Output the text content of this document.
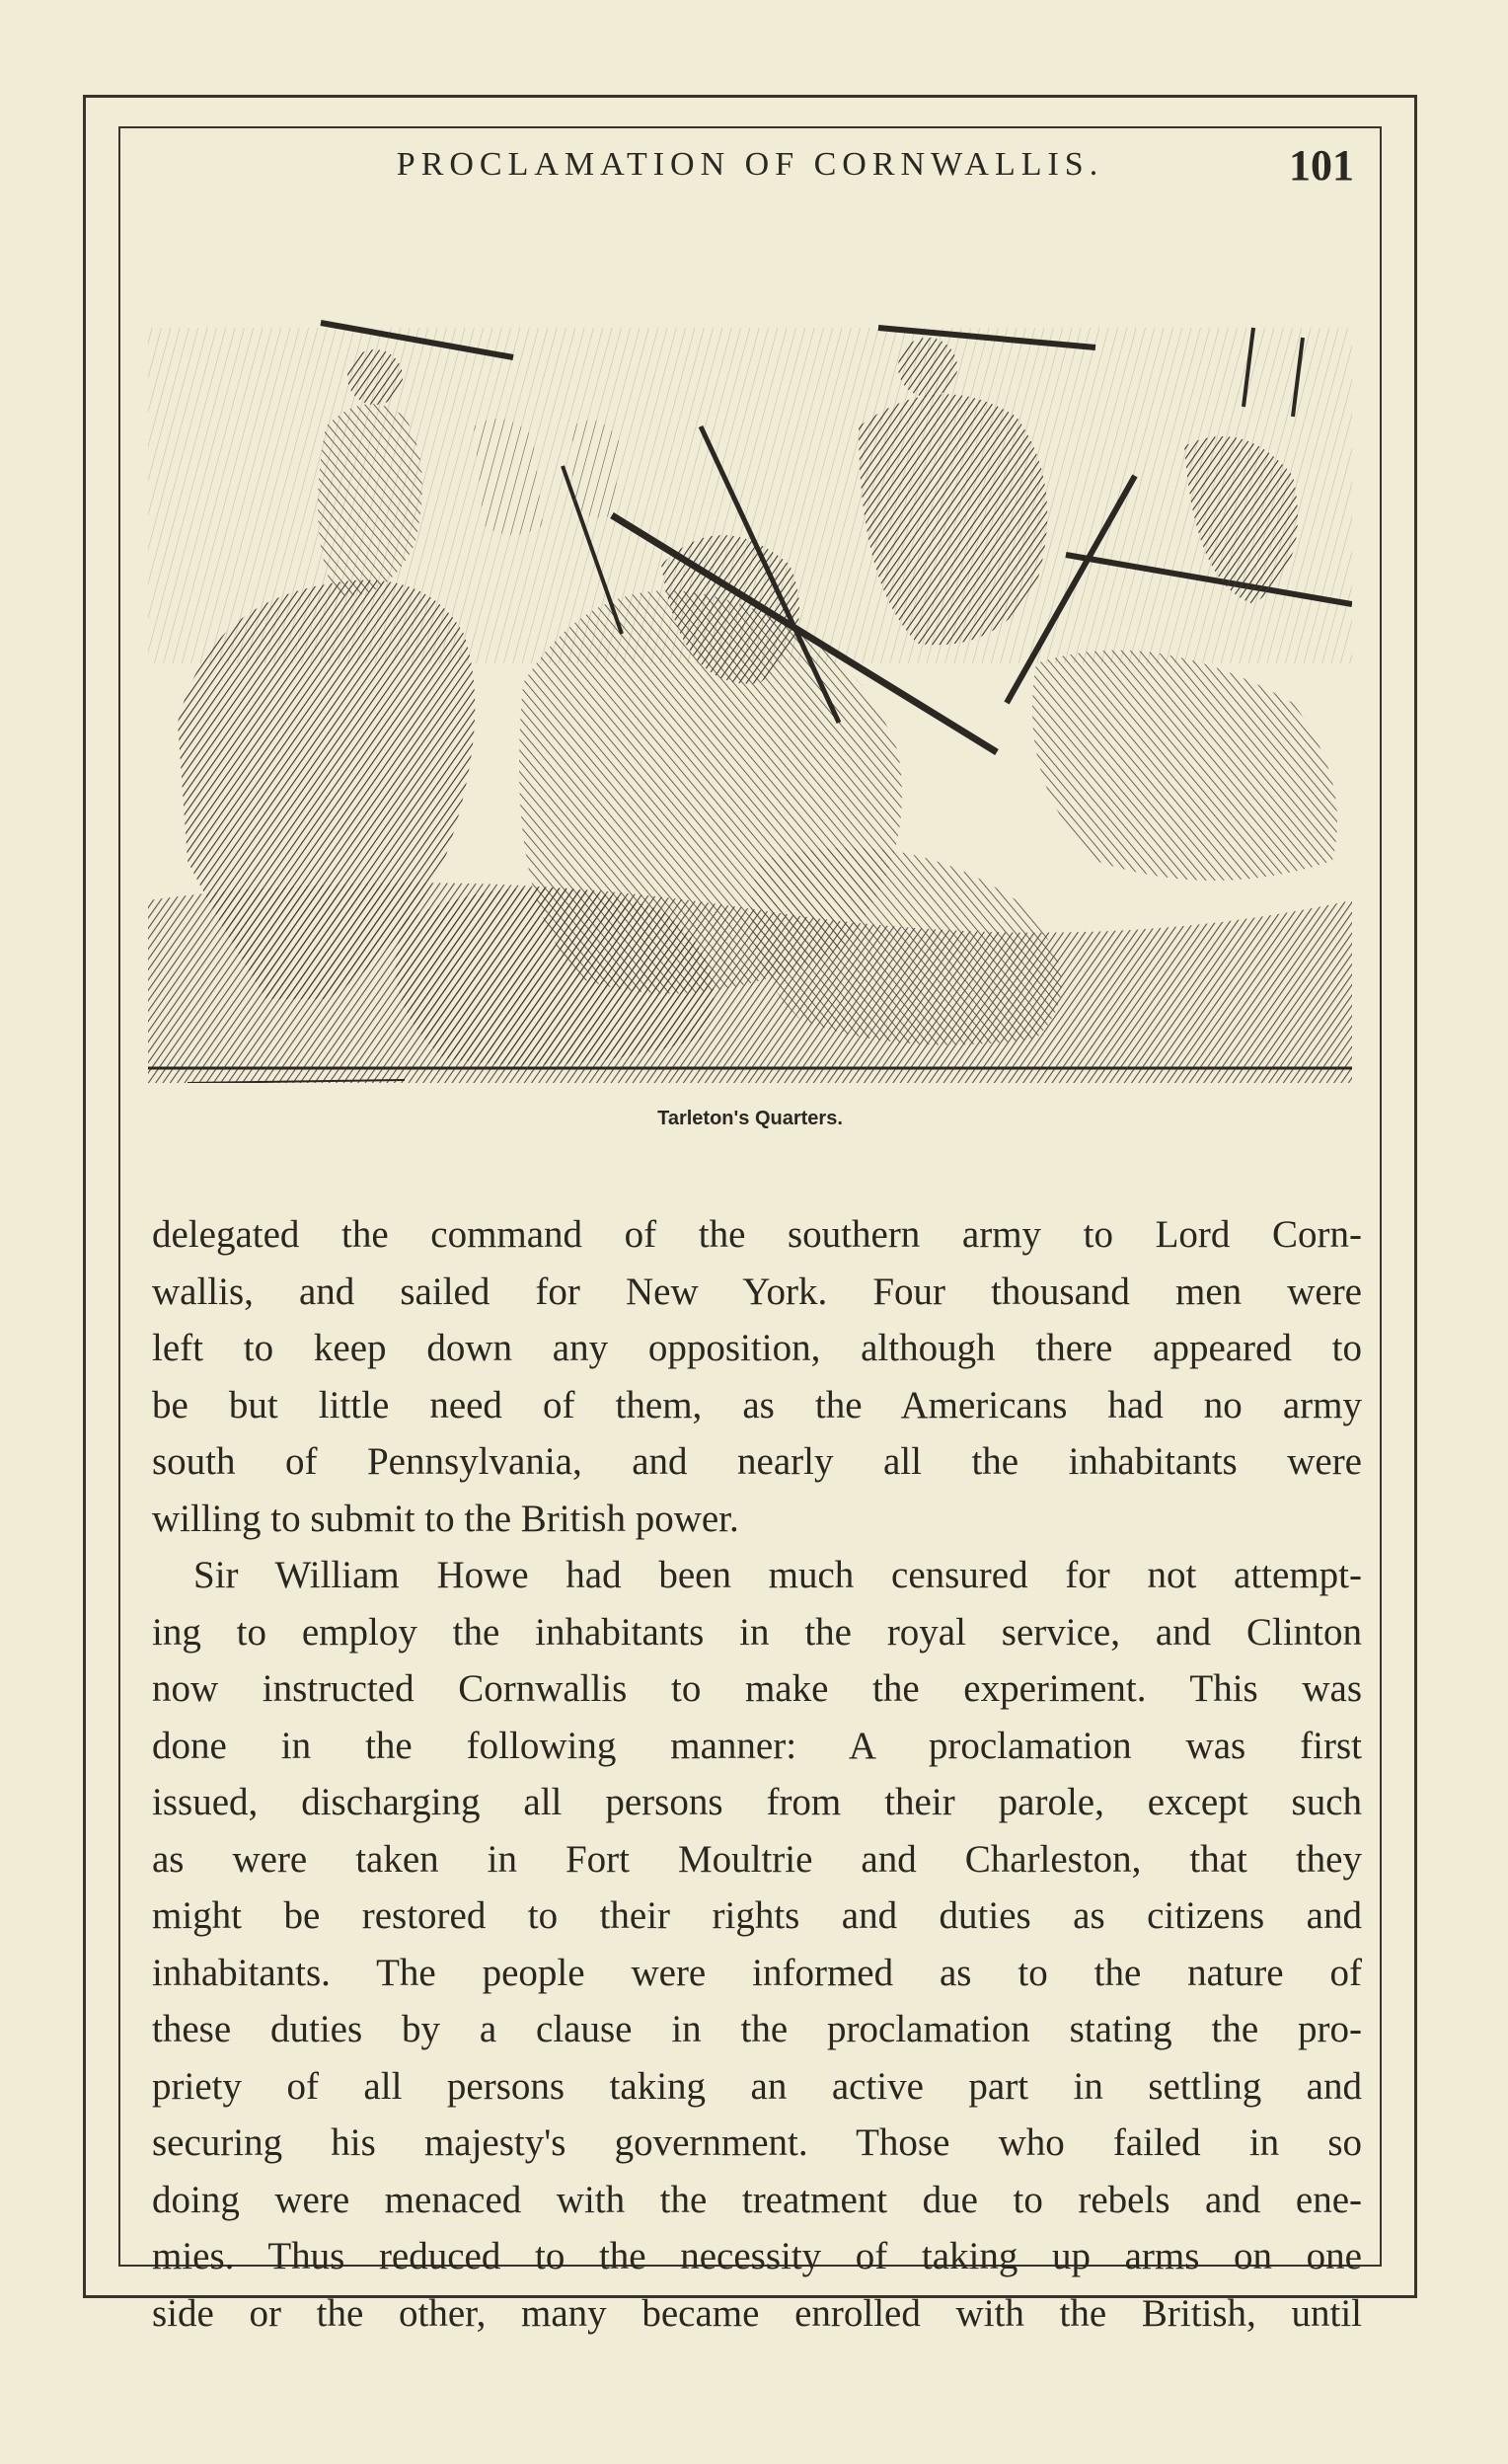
PROCLAMATION OF CORNWALLIS.	101
Tarleton's Quarters.
delegated the command of the southern army to Lord Corn-
wallis, and sailed for New York. Four thousand men were
left to keep down any opposition, although there appeared to
be but little need of them, as the Americans had no army
south of Pennsylvania, and nearly all the inhabitants were
willing to submit to the British power.
Sir William Howe had been much censured for not attempt-
ing to employ the inhabitants in the royal service, and Clinton
now instructed Cornwallis to make the experiment. This was
done in the following manner: A proclamation was first
issued, discharging all persons from their parole, except such
as were taken in Fort Moultrie and Charleston, that they
might be restored to their rights and duties as citizens and
inhabitants. The people were informed as to the nature of
these duties by a clause in the proclamation stating the pro-
priety of all persons taking an active part in settling and
securing his majesty's government. Those who failed in so
doing were menaced with the treatment due to rebels and ene-
mies. Thus reduced to the necessity of taking up arms on one
side or the other, many became enrolled with the British, until
